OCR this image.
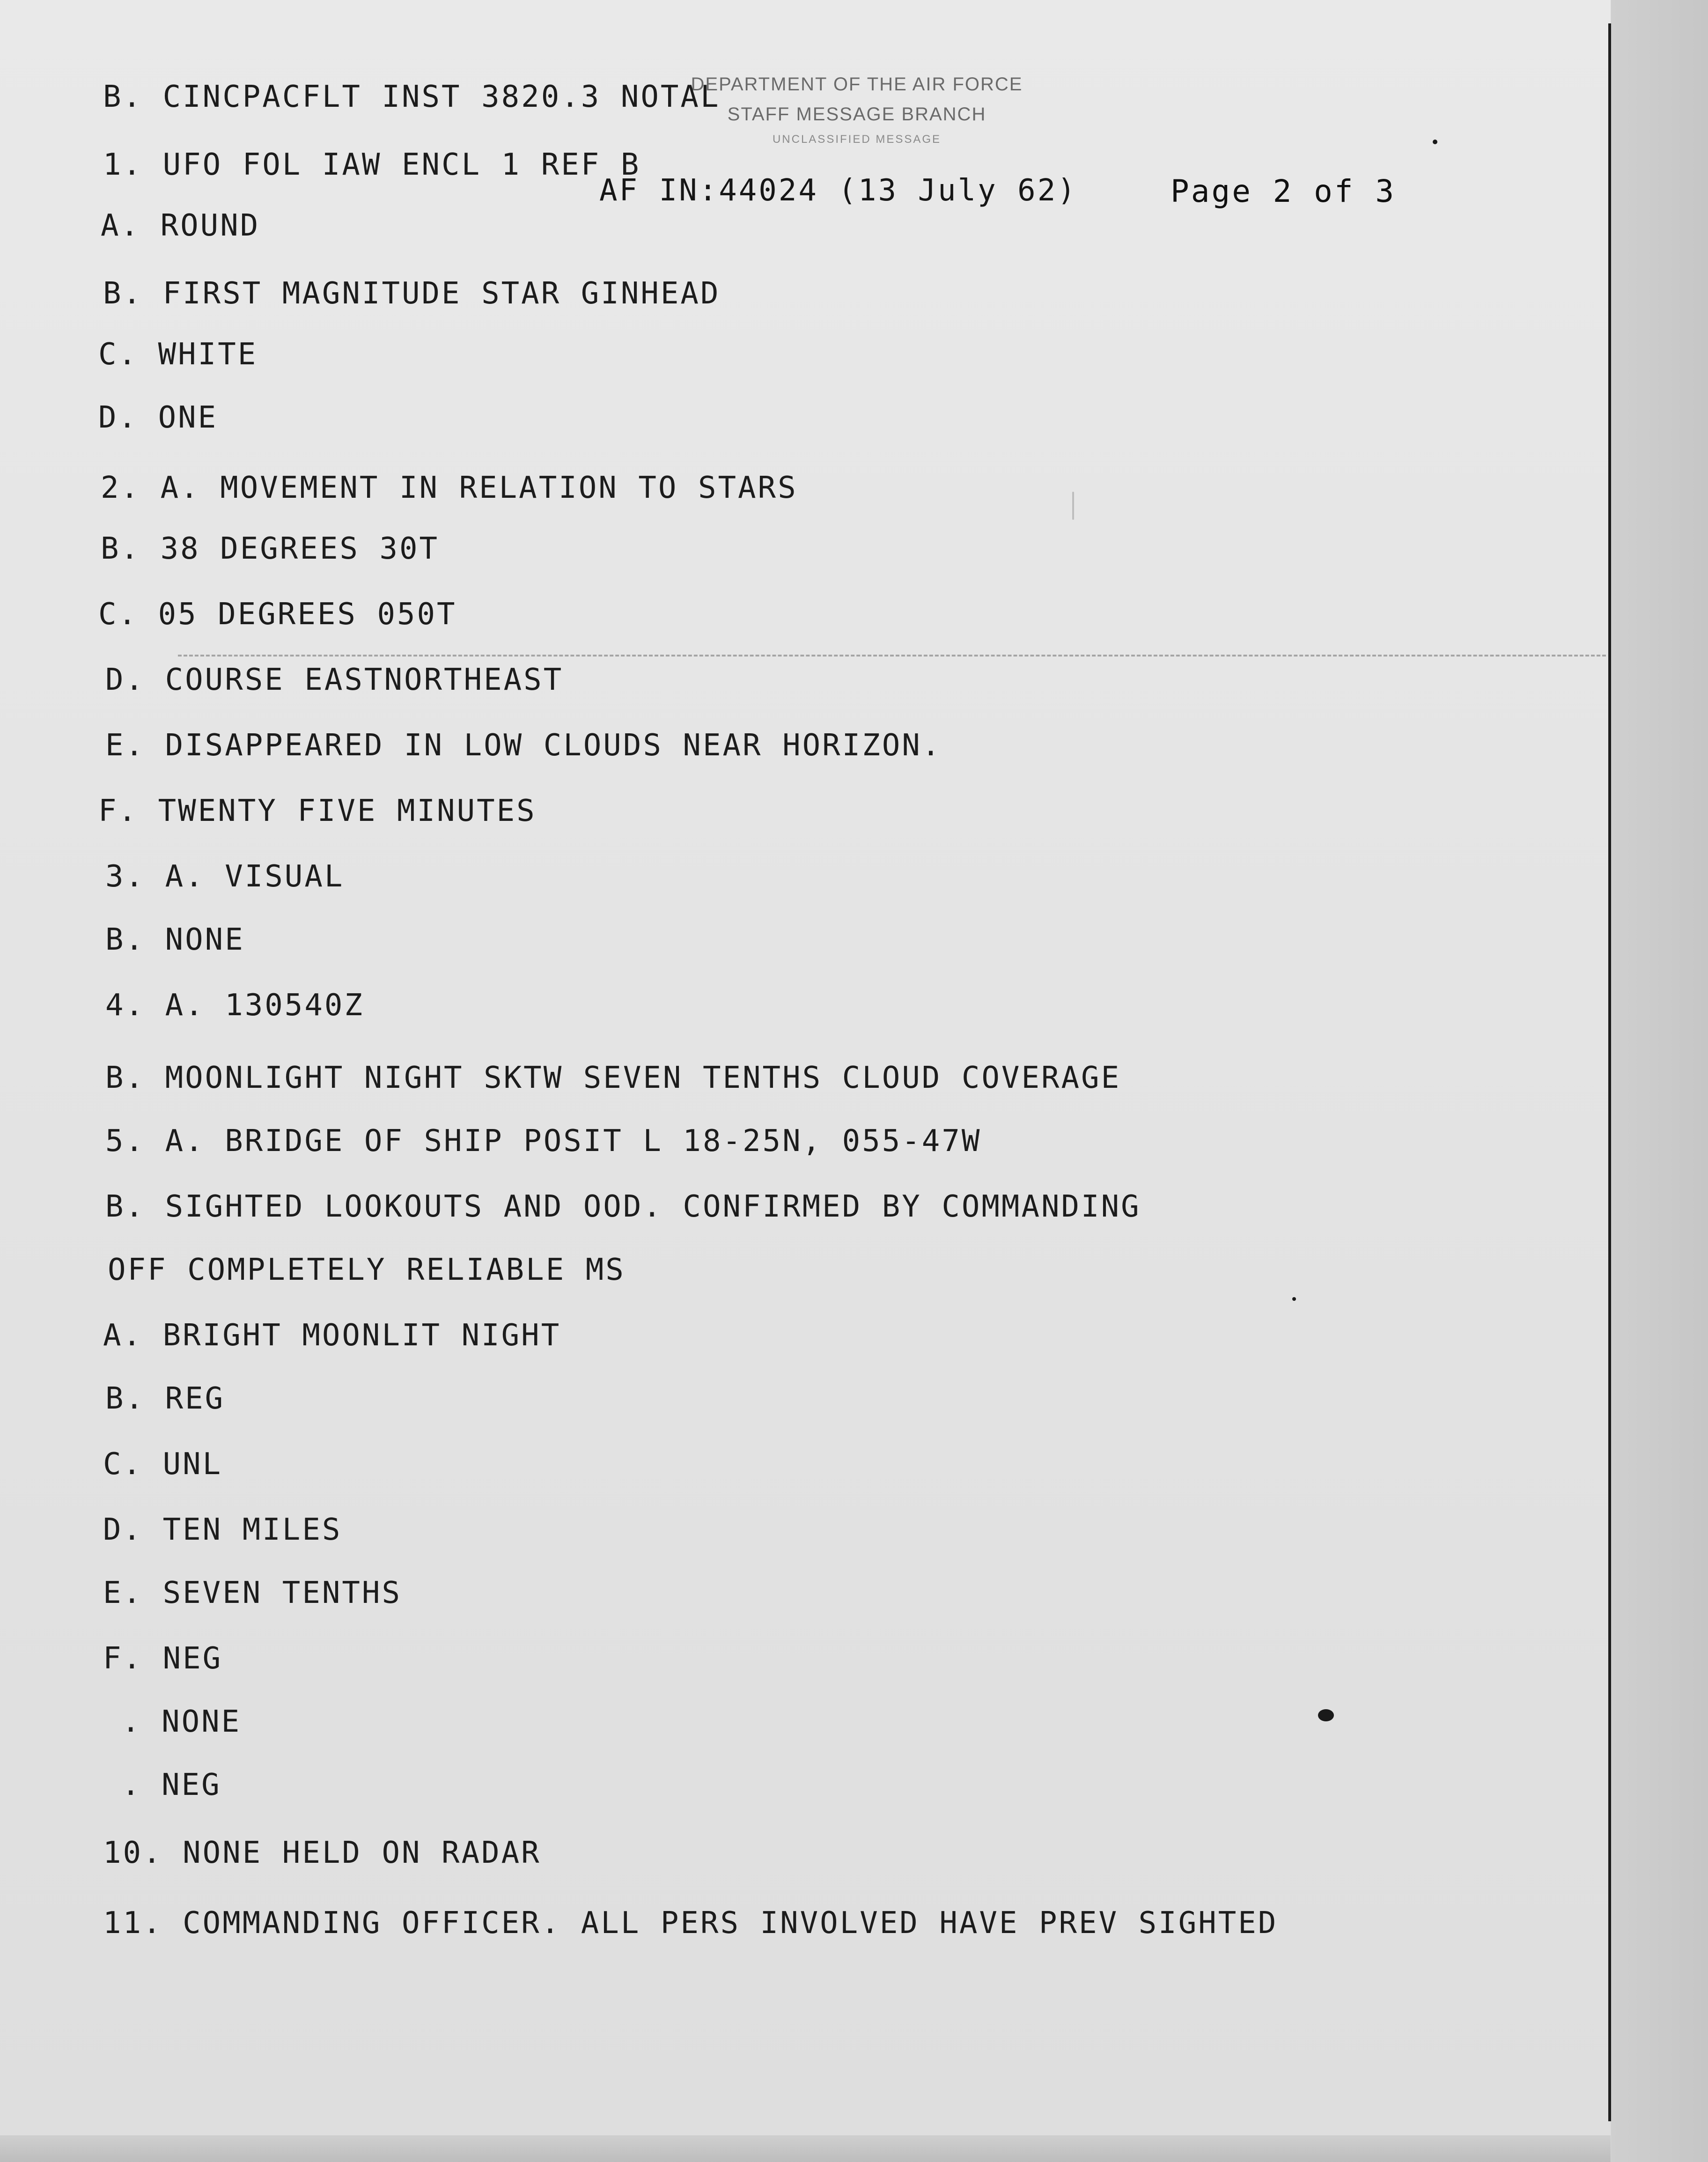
DEPARTMENT OF THE AIR FORCE
STAFF MESSAGE BRANCH
UNCLASSIFIED MESSAGE
AF IN:44024 (13 July 62)	Page 2 of 3

B. CINCPACFLT INST 3820.3 NOTAL

1. UFO FOL IAW ENCL 1 REF B

A. ROUND

B. FIRST MAGNITUDE STAR GINHEAD

C. WHITE

D. ONE

2. A. MOVEMENT IN RELATION TO STARS

B. 38 DEGREES 30T

C. 05 DEGREES 050T

D. COURSE EASTNORTHEAST

E. DISAPPEARED IN LOW CLOUDS NEAR HORIZON.

F. TWENTY FIVE MINUTES

3. A. VISUAL

B. NONE

4. A. 130540Z

B. MOONLIGHT NIGHT SKTW SEVEN TENTHS CLOUD COVERAGE

5. A. BRIDGE OF SHIP POSIT L 18-25N, 055-47W

B. SIGHTED LOOKOUTS AND OOD. CONFIRMED BY COMMANDING

OFF COMPLETELY RELIABLE MS

A. BRIGHT MOONLIT NIGHT

B. REG

C. UNL

D. TEN MILES

E. SEVEN TENTHS

F. NEG

. NONE

. NEG

10. NONE HELD ON RADAR

11. COMMANDING OFFICER. ALL PERS INVOLVED HAVE PREV SIGHTED
